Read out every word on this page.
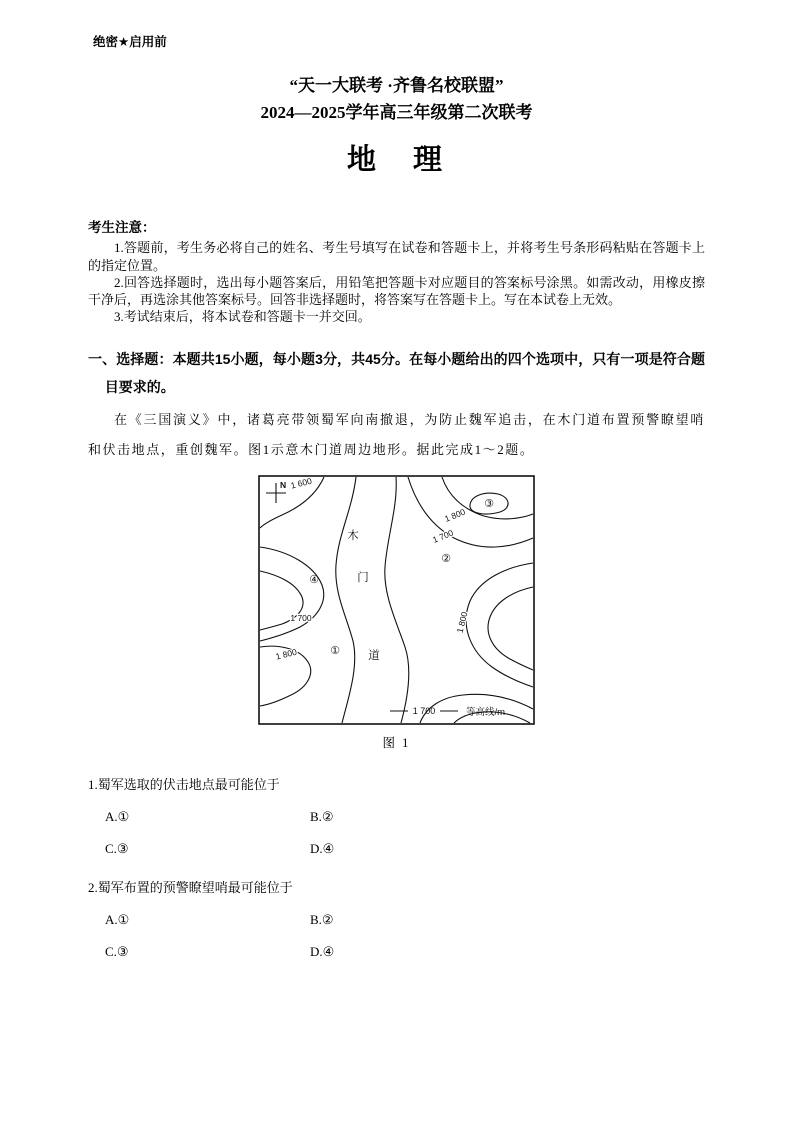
绝密★启用前
“天一大联考 ·齐鲁名校联盟”
2024—2025学年高三年级第二次联考
地　理
考生注意：

1.答题前，考生务必将自己的姓名、考生号填写在试卷和答题卡上，并将考生号条形码粘贴在答题卡上的指定位置。

2.回答选择题时，选出每小题答案后，用铅笔把答题卡对应题目的答案标号涂黑。如需改动，用橡皮擦干净后，再选涂其他答案标号。回答非选择题时，将答案写在答题卡上。写在本试卷上无效。

3.考试结束后，将本试卷和答题卡一并交回。

一、选择题：本题共15小题，每小题3分，共45分。在每小题给出的四个选项中，只有一项是符合题目要求的。

在《三国演义》中，诸葛亮带领蜀军向南撤退，为防止魏军追击，在木门道布置预警瞭望哨和伏击地点，重创魏军。图1示意木门道周边地形。据此完成1～2题。

N 1 600
1 800
1 700
1 800
1 700
1 800	①
②
③
④
木
门
道
1 700	等高线/m
图 1

1.蜀军选取的伏击地点最可能位于

A.①	B.②
C.③	D.④

2.蜀军布置的预警瞭望哨最可能位于

A.①	B.②
C.③	D.④
